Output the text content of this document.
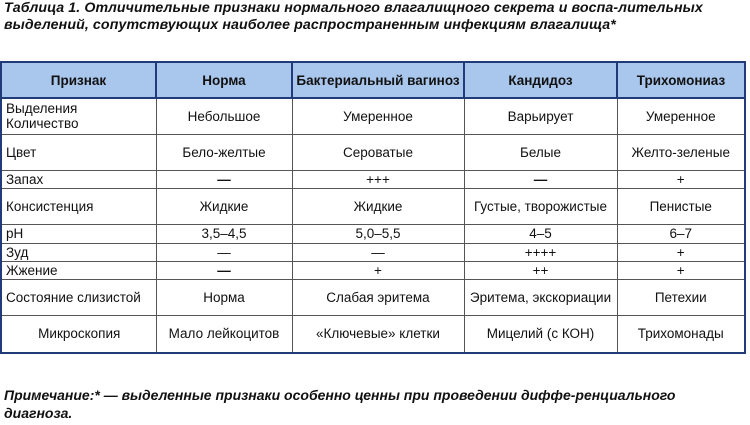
Таблица 1. Отличительные признаки нормального влагалищного секрета и воспа-лительных выделений, сопутствующих наиболее распространенным инфекциям влагалища*
Признак	Норма	Бактериальный вагиноз	Кандидоз	Трихомониаз
Выделения Количество	Небольшое	Умеренное	Варьирует	Умеренное
Цвет	Бело-желтые	Сероватые	Белые	Желто-зеленые
Запах	—	+++	—	+
Консистенция	Жидкие	Жидкие	Густые, творожистые	Пенистые
pH	3,5–4,5	5,0–5,5	4–5	6–7
Зуд	—	—	++++	+
Жжение	—	+	++	+
Состояние слизистой	Норма	Слабая эритема	Эритема, экскориации	Петехии
Микроскопия	Мало лейкоцитов	«Ключевые» клетки	Мицелий (с КОН)	Трихомонады
Примечание:* — выделенные признаки особенно ценны при проведении диффе-ренциального диагноза.
